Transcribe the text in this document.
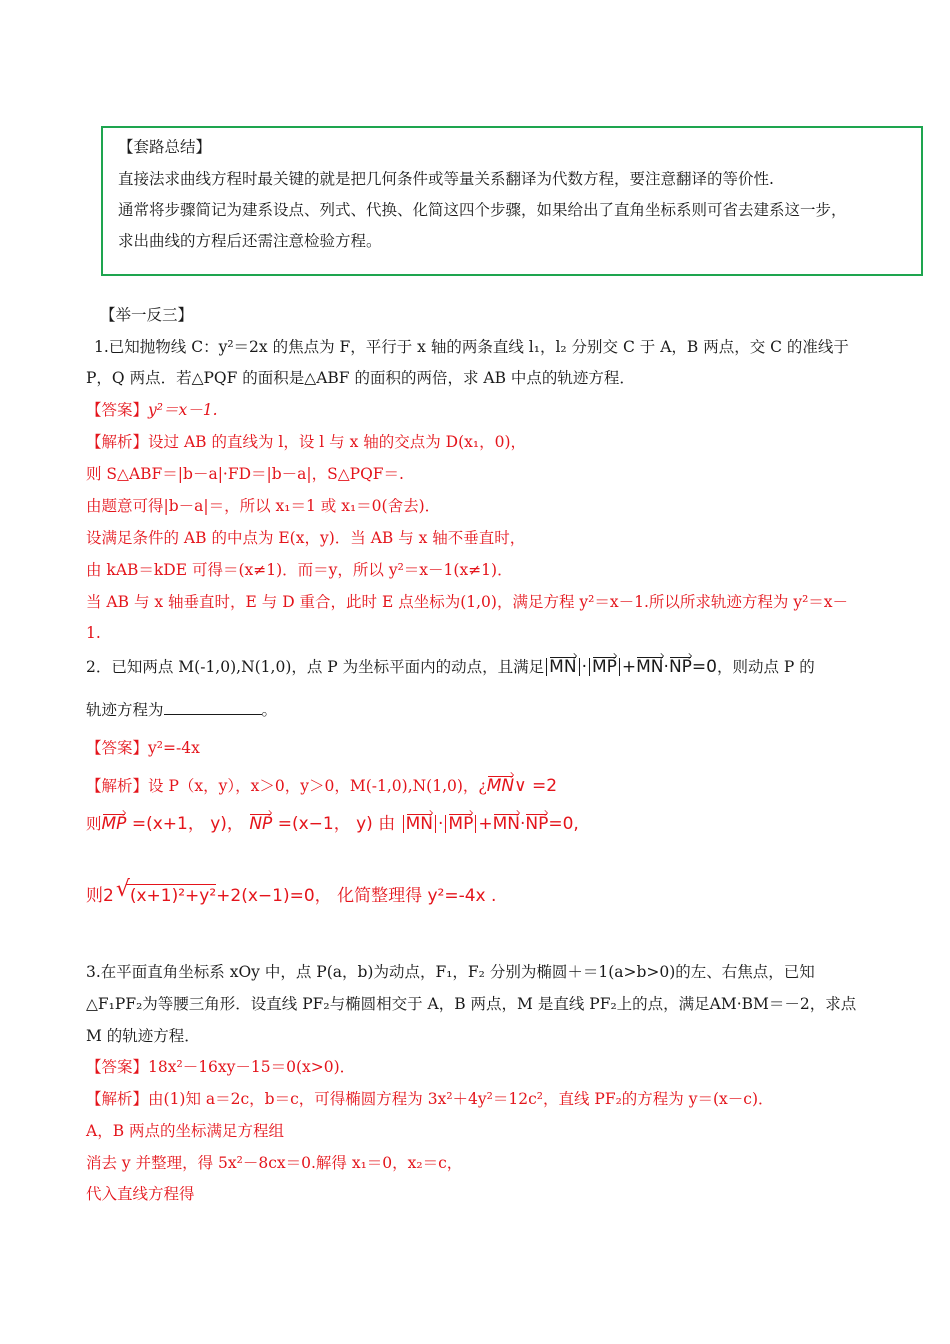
【套路总结】
直接法求曲线方程时最关键的就是把几何条件或等量关系翻译为代数方程，要注意翻译的等价性.
通常将步骤简记为建系设点、列式、代换、化简这四个步骤，如果给出了直角坐标系则可省去建系这一步，
求出曲线的方程后还需注意检验方程。
【举一反三】
1.已知抛物线 C：y²＝2x 的焦点为 F，平行于 x 轴的两条直线 l₁，l₂ 分别交 C 于 A，B 两点，交 C 的准线于
P，Q 两点．若△PQF 的面积是△ABF 的面积的两倍，求 AB 中点的轨迹方程．
【答案】y²＝x－1.
【解析】设过 AB 的直线为 l，设 l 与 x 轴的交点为 D(x₁，0)，
则 S△ABF＝|b－a|·FD＝|b－a|，S△PQF＝.
由题意可得|b－a|＝，所以 x₁＝1 或 x₁＝0(舍去)．
设满足条件的 AB 的中点为 E(x，y)．当 AB 与 x 轴不垂直时，
由 kAB＝kDE 可得＝(x≠1)．而＝y，所以 y²＝x－1(x≠1)．
当 AB 与 x 轴垂直时，E 与 D 重合，此时 E 点坐标为(1,0)，满足方程 y²＝x－1.所以所求轨迹方程为 y²＝x－
1.
2．已知两点 M(-1,0),N(1,0)，点 P 为坐标平面内的动点，且满足 MN · MP +MN·NP=0，则动点 P 的
轨迹方程为	。
【答案】y²=-4x
【解析】设 P（x，y），x＞0，y＞0，M(-1,0),N(1,0)，¿MN∨ =2
则MP =(x+1， y)， NP =(x−1， y) 由 MN · MP +MN·NP=0,
则2√ (x+1)²+y²+2(x−1)=0， 化简整理得 y²=-4x .
3.在平面直角坐标系 xOy 中，点 P(a，b)为动点，F₁，F₂ 分别为椭圆＋＝1(a>b>0)的左、右焦点，已知
△F₁PF₂为等腰三角形．设直线 PF₂与椭圆相交于 A，B 两点，M 是直线 PF₂上的点，满足AM·BM＝－2，求点
M 的轨迹方程．
【答案】18x²－16xy－15＝0(x>0)．
【解析】由(1)知 a＝2c，b＝c，可得椭圆方程为 3x²＋4y²＝12c²，直线 PF₂的方程为 y＝(x－c)．
A，B 两点的坐标满足方程组
消去 y 并整理，得 5x²－8cx＝0.解得 x₁＝0，x₂＝c，
代入直线方程得
